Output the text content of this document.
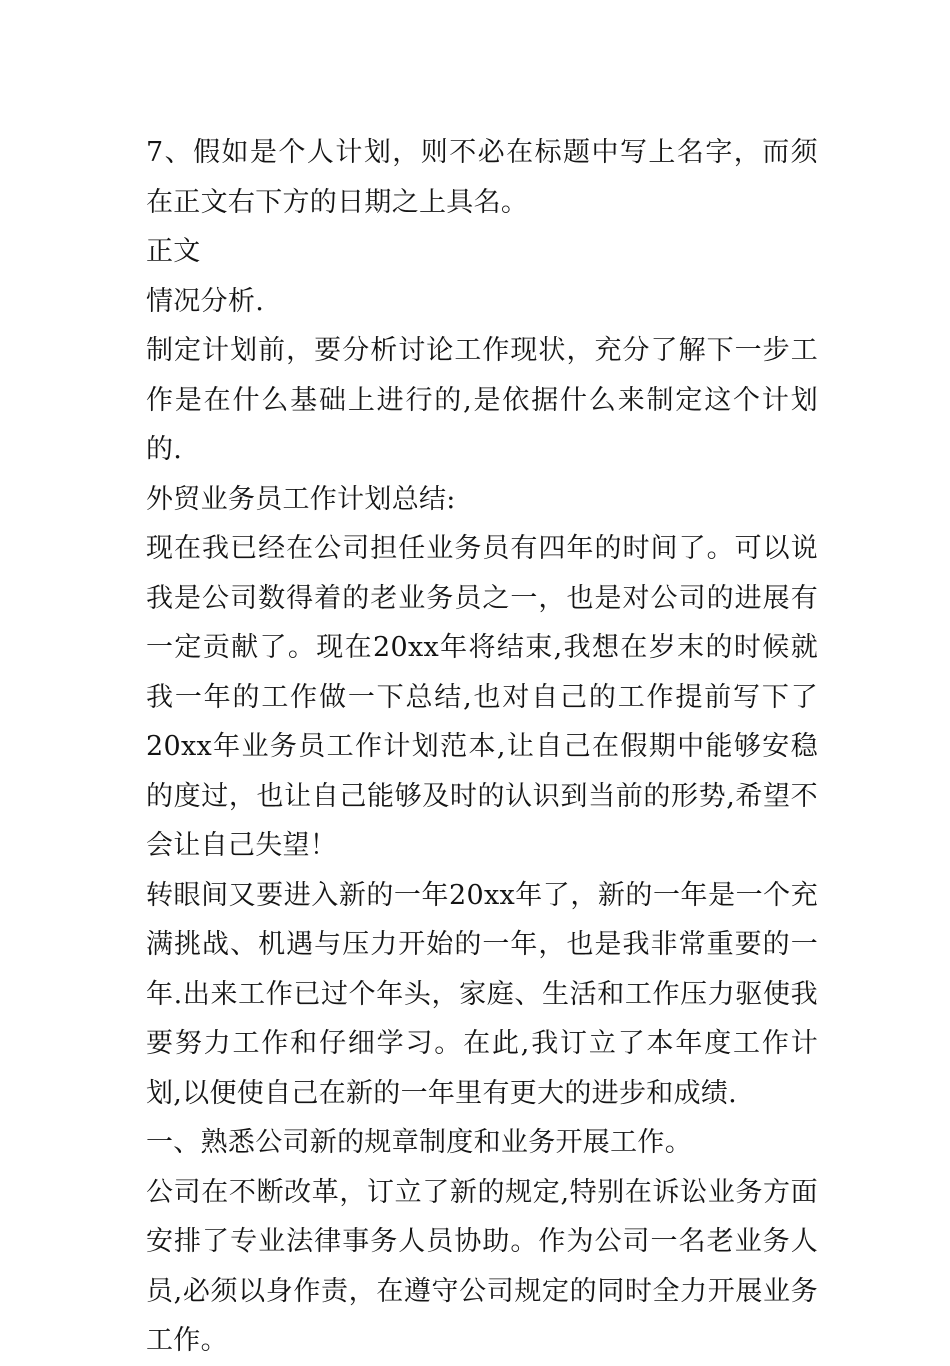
7、假如是个人计划，则不必在标题中写上名字，而须在正文右下方的日期之上具名。

正文

情况分析.

制定计划前，要分析讨论工作现状，充分了解下一步工作是在什么基础上进行的,是依据什么来制定这个计划的.

外贸业务员工作计划总结:

现在我已经在公司担任业务员有四年的时间了。可以说我是公司数得着的老业务员之一，也是对公司的进展有一定贡献了。现在20xx年将结束,我想在岁末的时候就我一年的工作做一下总结,也对自己的工作提前写下了20xx年业务员工作计划范本,让自己在假期中能够安稳的度过，也让自己能够及时的认识到当前的形势,希望不会让自己失望！

转眼间又要进入新的一年20xx年了，新的一年是一个充满挑战、机遇与压力开始的一年，也是我非常重要的一年.出来工作已过个年头，家庭、生活和工作压力驱使我要努力工作和仔细学习。在此,我订立了本年度工作计划,以便使自己在新的一年里有更大的进步和成绩.

一、熟悉公司新的规章制度和业务开展工作。

公司在不断改革，订立了新的规定,特别在诉讼业务方面安排了专业法律事务人员协助。作为公司一名老业务人员,必须以身作责，在遵守公司规定的同时全力开展业务工作。
